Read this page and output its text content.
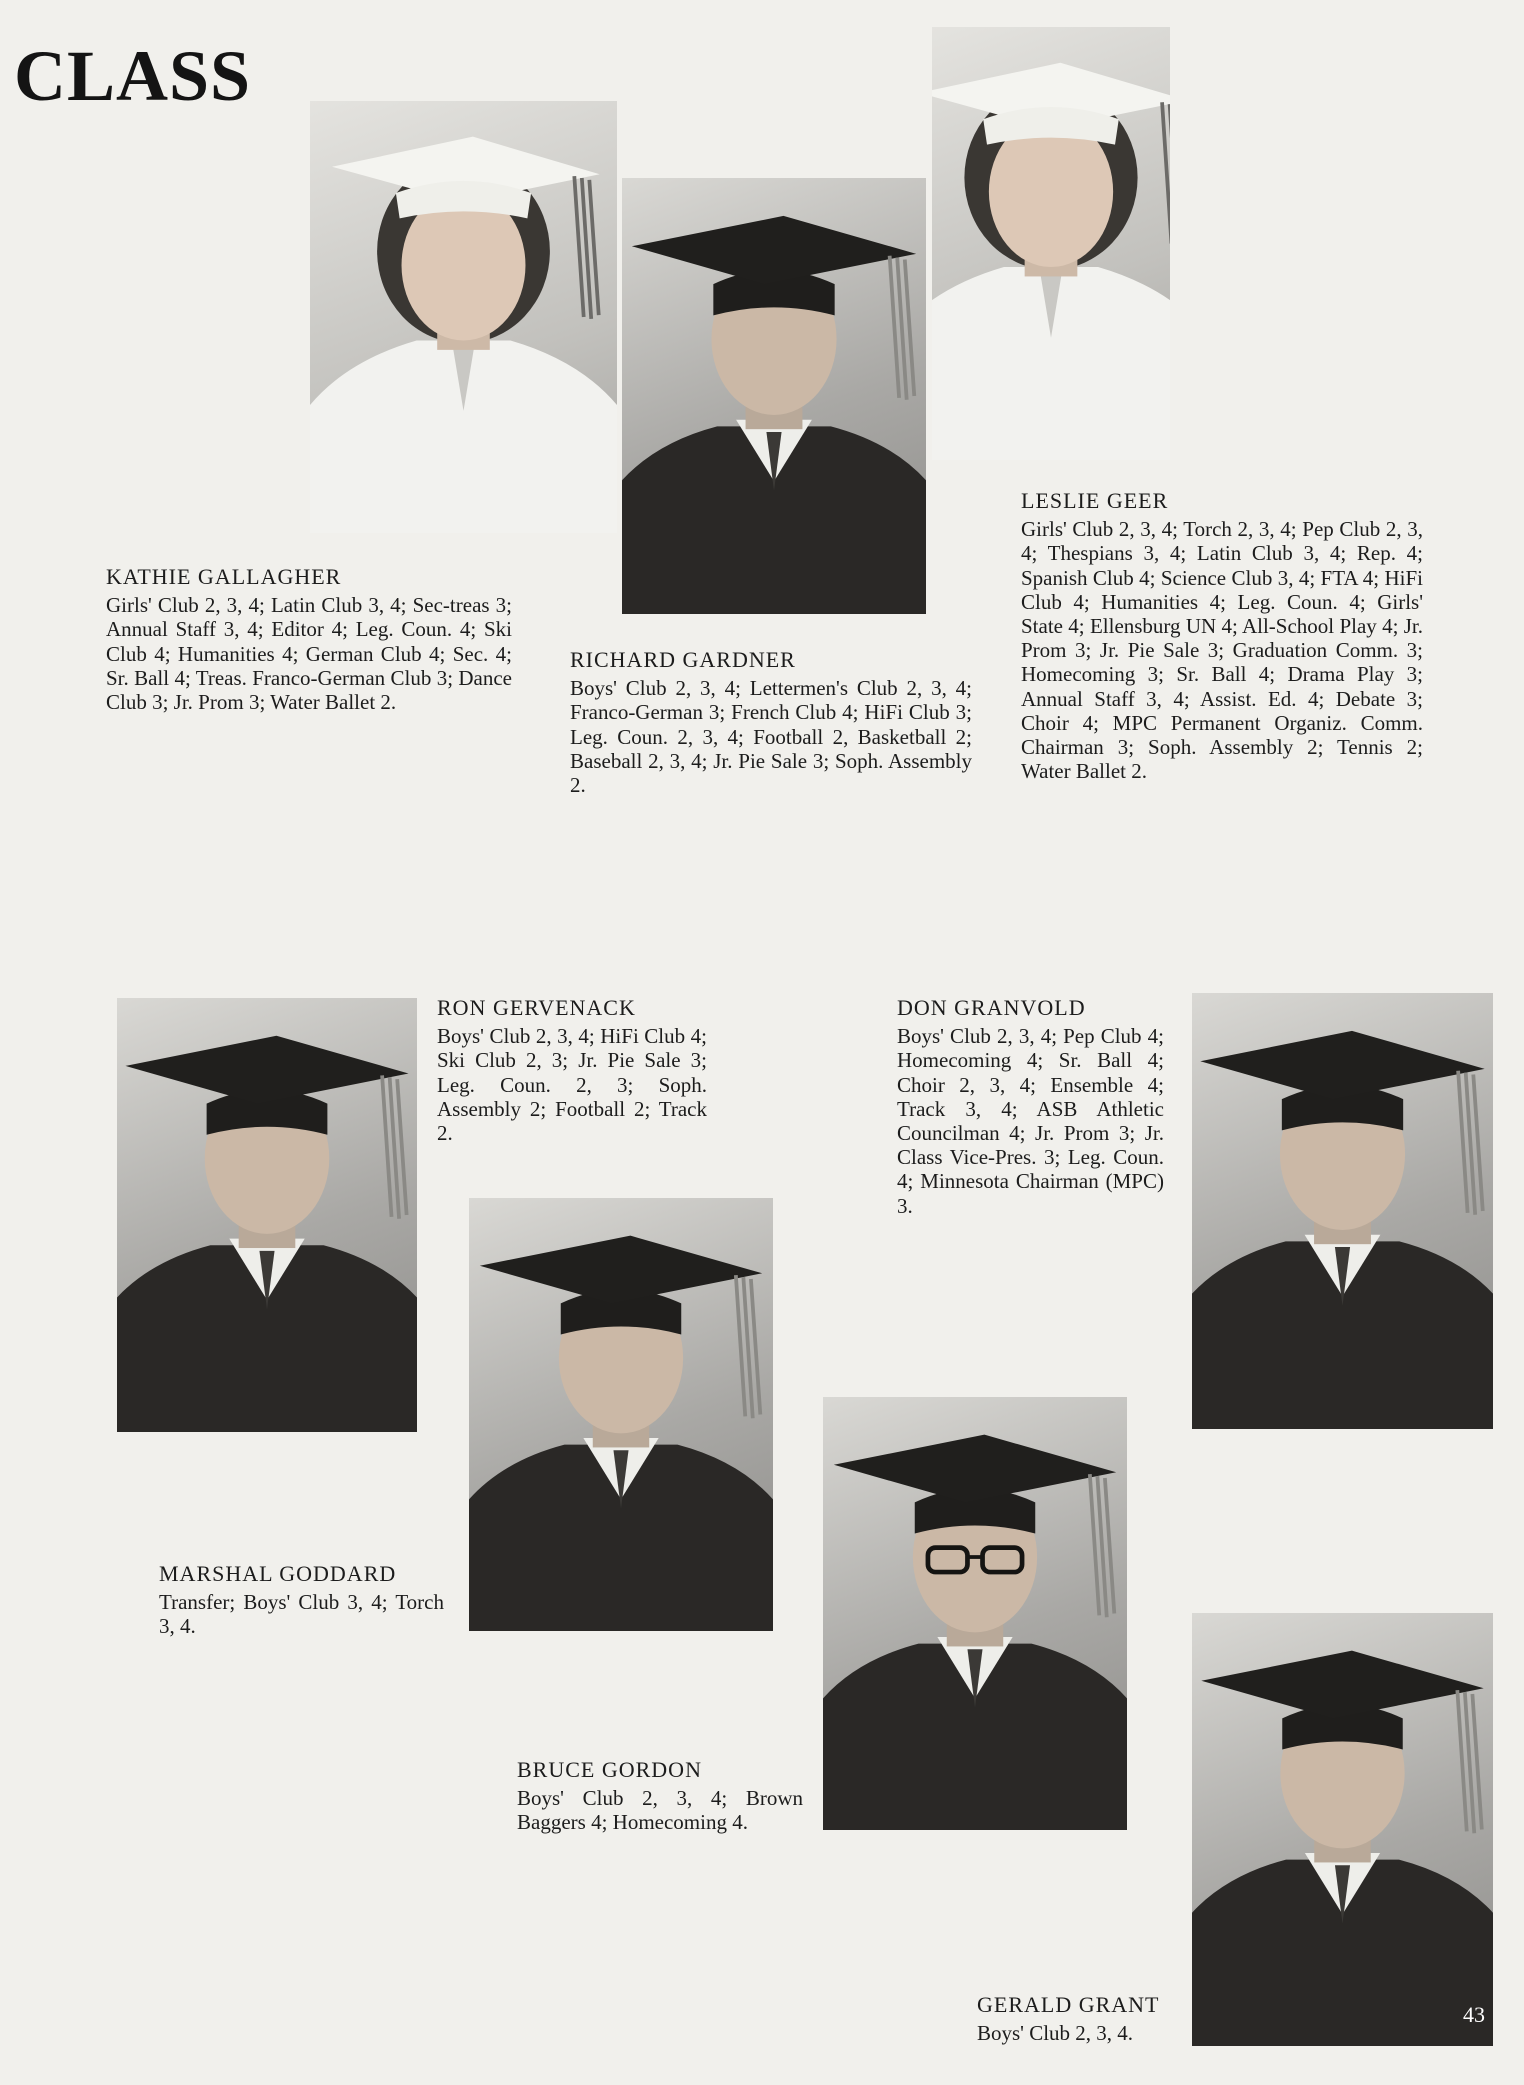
CLASS
KATHIE GALLAGHER
Girls' Club 2, 3, 4; Latin Club 3, 4; Sec-treas 3; Annual Staff 3, 4; Editor 4; Leg. Coun. 4; Ski Club 4; Humanities 4; German Club 4; Sec. 4; Sr. Ball 4; Treas. Franco-German Club 3; Dance Club 3; Jr. Prom 3; Water Ballet 2.
RICHARD GARDNER
Boys' Club 2, 3, 4; Lettermen's Club 2, 3, 4; Franco-German 3; French Club 4; HiFi Club 3; Leg. Coun. 2, 3, 4; Football 2, Basketball 2; Baseball 2, 3, 4; Jr. Pie Sale 3; Soph. Assembly 2.
LESLIE GEER
Girls' Club 2, 3, 4; Torch 2, 3, 4; Pep Club 2, 3, 4; Thespians 3, 4; Latin Club 3, 4; Rep. 4; Spanish Club 4; Science Club 3, 4; FTA 4; HiFi Club 4; Humanities 4; Leg. Coun. 4; Girls' State 4; Ellensburg UN 4; All-School Play 4; Jr. Prom 3; Jr. Pie Sale 3; Graduation Comm. 3; Homecoming 3; Sr. Ball 4; Drama Play 3; Annual Staff 3, 4; Assist. Ed. 4; Debate 3; Choir 4; MPC Permanent Organiz. Comm. Chairman 3; Soph. Assembly 2; Tennis 2; Water Ballet 2.
RON GERVENACK
Boys' Club 2, 3, 4; HiFi Club 4; Ski Club 2, 3; Jr. Pie Sale 3; Leg. Coun. 2, 3; Soph. Assembly 2; Football 2; Track 2.
DON GRANVOLD
Boys' Club 2, 3, 4; Pep Club 4; Homecoming 4; Sr. Ball 4; Choir 2, 3, 4; Ensemble 4; Track 3, 4; ASB Athletic Councilman 4; Jr. Prom 3; Jr. Class Vice-Pres. 3; Leg. Coun. 4; Minnesota Chairman (MPC) 3.
MARSHAL GODDARD
Transfer; Boys' Club 3, 4; Torch 3, 4.
BRUCE GORDON
Boys' Club 2, 3, 4; Brown Baggers 4; Homecoming 4.
GERALD GRANT
Boys' Club 2, 3, 4.
43
